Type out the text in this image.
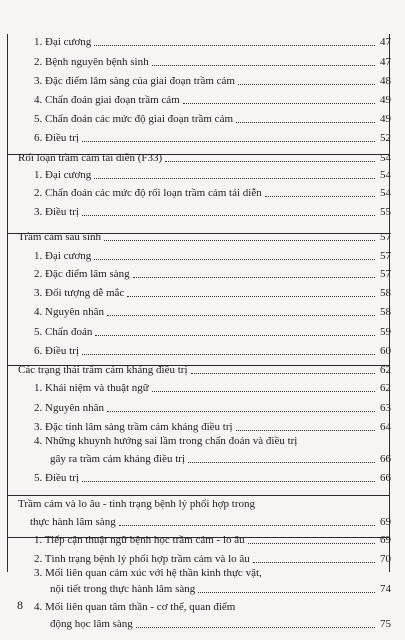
1. Đại cương	47
2. Bệnh nguyên bệnh sinh	47
3. Đặc điểm lâm sàng của giai đoạn trầm cảm	48
4. Chẩn đoán giai đoạn trầm cảm	49
5. Chẩn đoán các mức độ giai đoạn trầm cảm	49
6. Điều trị	52
Rối loạn trầm cảm tái diễn (F33)	54
1. Đại cương	54
2. Chẩn đoán các mức độ rối loạn trầm cảm tái diễn	54
3. Điều trị	55
Trầm cảm sau sinh	57
1. Đại cương	57
2. Đặc điểm lâm sàng	57
3. Đối tượng dễ mắc	58
4. Nguyên nhân	58
5. Chẩn đoán	59
6. Điều trị	60
Các trạng thái trầm cảm kháng điều trị	62
1. Khái niệm và thuật ngữ	62
2. Nguyên nhân	63
3. Đặc tính lâm sàng trầm cảm kháng điều trị	64
4. Những khuynh hướng sai lầm trong chẩn đoán và điều trị
gây ra trầm cảm kháng điều trị	66
5. Điều trị	66
Trầm cảm và lo âu - tình trạng bệnh lý phối hợp trong
thực hành lâm sàng	69
1. Tiếp cận thuật ngữ bệnh học trầm cảm - lo âu	69
2. Tình trạng bệnh lý phối hợp trầm cảm và lo âu	70
3. Mối liên quan cảm xúc với hệ thần kinh thực vật,
nội tiết trong thực hành lâm sàng	74
4. Mối liên quan tâm thần - cơ thể, quan điểm
động học lâm sàng	75
8
